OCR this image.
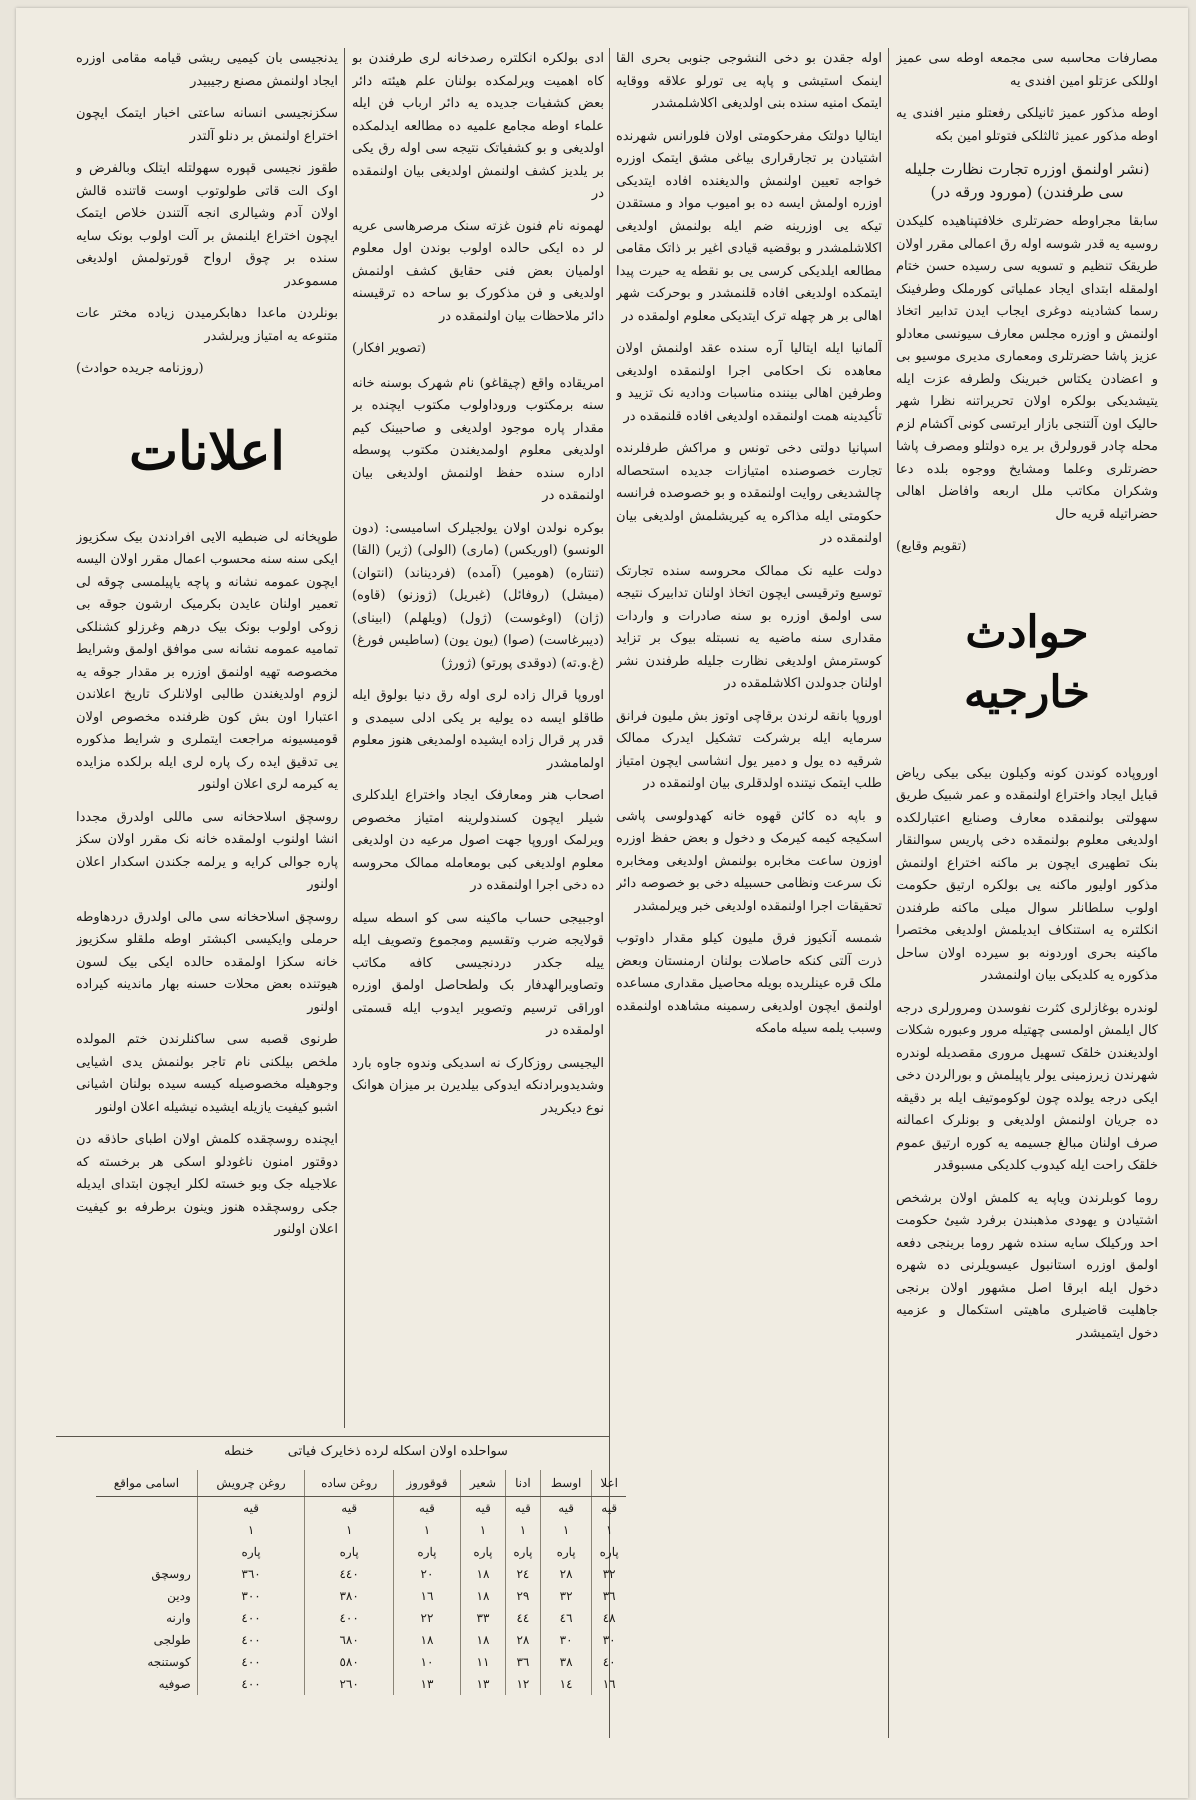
مصارفات محاسبه سی مجمعه اوطه سی عمیز اوللکی عزتلو امین افندی یه

اوطه مذکور عمیز ثانیلکی رفعتلو منیر افندی یه اوطه مذکور عمیز ثالثلکی فتوتلو امین بکه

(نشر اولنمق اوزره تجارت نظارت جلیله سی طرفندن) (مورود ورقه در)

سابقا مجراوطه حضرتلری خلافتپناهیده کلیکدن روسیه یه قدر شوسه اوله رق اعمالی مقرر اولان طریقک تنظیم و تسویه سی رسیده حسن ختام اولمقله ابتدای ایجاد عملیاتی کورملک وطرفینک رسما کشادینه دوغری ایجاب ایدن تدابیر اتخاذ اولنمش و اوزره مجلس معارف سیونسی معادلو عزیز پاشا حضرتلری ومعماری مدیری موسیو بی و اعضادن یکتاس خبرینک ولطرفه عزت ایله یتیشدیکی بولکره اولان تحریراتنه نظرا شهر حالیک اون آلتنجی بازار ایرتسی کونی آکشام لزم محله چادر قورولرق بر یره دولتلو ومصرف پاشا حضرتلری وعلما ومشایخ ووجوه بلده دعا وشکران مکاتب ملل اربعه وافاضل اهالی حضراتیله قریه حال

(تقویم وقایع)

حوادث خارجیه

اوروپاده کوندن کونه وکیلون بیکی بیکی ریاض قبایل ایجاد واختراع اولنمقده و عمر شبیک طریق سهولتی بولنمقده معارف وصنایع اعتبارلکده اولدیغی معلوم بولنمقده دخی پاریس سوالنقار بنک تطهیری ایچون بر ماکنه اختراع اولنمش مذکور اولیور ماکنه یی بولکره ارتیق حکومت اولوب سلطانلر سوال میلی ماکنه طرفندن انکلتره یه استنکاف ایدیلمش اولدیغی مختصرا ماکینه بحری اوردونه بو سیرده اولان ساحل مذکوره یه کلدیکی بیان اولنمشدر

لوندره بوغازلری کثرت نفوسدن ومرورلری درجه کال ایلمش اولمسی چهتیله مرور وعبوره شکلات اولدیغندن خلقک تسهیل مروری مقصدیله لوندره شهرندن زیرزمینی یولر یاپیلمش و بورالردن دخی ایکی درجه یولده چون لوکوموتیف ایله بر دقیقه ده جریان اولنمش اولدیغی و بونلرک اعمالنه صرف اولنان مبالغ جسیمه یه کوره ارتیق عموم خلقک راحت ایله کیدوب کلدیکی مسبوقدر

روما کوبلرندن ویاپه یه کلمش اولان برشخص اشتیادن و یهودی مذهبندن برفرد شیئ حکومت احد ورکیلک سایه سنده شهر روما برینجی دفعه اولمق اوزره استانبول عیسویلرنی ده شهره دخول ایله ابرقا اصل مشهور اولان برنجی جاهلیت قاضیلری ماهیتی استکمال و عزمیه دخول ایتمیشدر

اوله جقدن بو دخی النشوجی جنوبی بحری القا اینمک استیشی و پاپه یی تورلو علاقه ووقایه ایتمک امنیه سنده بنی اولدیغی اکلاشلمشدر

ایتالیا دولتک مفرحکومتی اولان فلورانس شهرنده اشتیادن بر تجارقراری بیاغی مشق ایتمک اوزره خواجه تعیین اولنمش والدیغنده افاده ایتدیکی اوزره اولمش ایسه ده بو امیوب مواد و مستقدن تیکه یی اوزرینه ضم ایله بولنمش اولدیغی اکلاشلمشدر و بوقضیه قیادی اغیر بر ذاتک مقامی مطالعه ایلدیکی کرسی یی بو نقطه یه حیرت پیدا ایتمکده اولدیغی افاده قلنمشدر و بوحرکت شهر اهالی بر هر چهله ترک ایتدیکی معلوم اولمقده در

آلمانیا ایله ایتالیا آره سنده عقد اولنمش اولان معاهده نک احکامی اجرا اولنمقده اولدیغی وطرفین اهالی بیننده مناسبات ودادیه نک تزیید و تأکیدینه همت اولنمقده اولدیغی افاده قلنمقده در

اسپانیا دولتی دخی تونس و مراکش طرفلرنده تجارت خصوصنده امتیازات جدیده استحصاله چالشدیغی روایت اولنمقده و بو خصوصده فرانسه حکومتی ایله مذاکره یه کیریشلمش اولدیغی بیان اولنمقده در

دولت علیه نک ممالک محروسه سنده تجارتک توسیع وترقیسی ایچون اتخاذ اولنان تدابیرک نتیجه سی اولمق اوزره بو سنه صادرات و واردات مقداری سنه ماضیه یه نسبتله بیوک بر تزاید کوسترمش اولدیغی نظارت جلیله طرفندن نشر اولنان جدولدن اکلاشلمقده در

اوروپا بانقه لرندن برقاچی اوتوز بش ملیون فرانق سرمایه ایله برشرکت تشکیل ایدرک ممالک شرقیه ده یول و دمیر یول انشاسی ایچون امتیاز طلب ایتمک نیتنده اولدقلری بیان اولنمقده در

و باپه ده کائن قهوه خانه کهدولوسی پاشی اسکیجه کیمه کیرمک و دخول و بعض حفظ اوزره اوزون ساعت مخابره بولنمش اولدیغی ومخابره نک سرعت ونظامی حسبیله دخی بو خصوصه دائر تحقیقات اجرا اولنمقده اولدیغی خبر ویرلمشدر

شمسه آنکیوز فرق ملیون کیلو مقدار داوتوب ذرت آلتی کنکه حاصلات بولنان ارمنستان وبعض ملک قره عینلریده بویله محاصیل مقداری مساعده اولنمق ایچون اولدیغی رسمینه مشاهده اولنمقده وسبب یلمه سیله مامکه

ادی بولکره انکلتره رصدخانه لری طرفندن بو کاه اهمیت ویرلمکده بولنان علم هیئته دائر بعض کشفیات جدیده یه دائر ارباب فن ایله علماء اوطه مجامع علمیه ده مطالعه ایدلمکده اولدیغی و بو کشفیاتک نتیجه سی اوله رق یکی بر یلدیز کشف اولنمش اولدیغی بیان اولنمقده در

لهمونه نام فنون غزته سنک مرصرهاسی عریه لر ده ایکی حالده اولوب بوندن اول معلوم اولمیان بعض فنی حقایق کشف اولنمش اولدیغی و فن مذکورک بو ساحه ده ترقیسنه دائر ملاحظات بیان اولنمقده در

(تصویر افکار)

امریقاده واقع (چیقاغو) نام شهرک بوسنه خانه سنه برمکتوب وروداولوب مکتوب ایچنده بر مقدار پاره موجود اولدیغی و صاحبینک کیم اولدیغی معلوم اولمدیغندن مکتوب پوسطه اداره سنده حفظ اولنمش اولدیغی بیان اولنمقده در

بوکره نولدن اولان یولجیلرک اسامیسی: (دون الونسو) (اوریکس) (ماری) (الولی) (ژیر) (القا) (تنتاره) (هومیر) (آمده) (فردیناند) (انتوان) (میشل) (روفائل) (غبریل) (ژوزنو) (قاوه) (ژان) (اوغوست) (ژول) (ویلهلم) (ابینای) (دیبرغاست) (صوا) (یون یون) (ساطیس فورغ) (غ.و.ته) (دوقدی پورتو) (ژورژ)

اوروپا قرال زاده لری اوله رق دنیا بولوق ایله طاقلو ایسه ده یولیه بر یکی ادلی سیمدی و قدر پر قرال زاده ایشیده اولمدیغی هنوز معلوم اولمامشدر

اصحاب هنر ومعارفک ایجاد واختراع ایلدکلری شیلر ایچون کسندولرینه امتیاز مخصوص ویرلمک اوروپا جهت اصول مرعیه دن اولدیغی معلوم اولدیغی کبی بومعامله ممالک محروسه ده دخی اجرا اولنمقده در

اوجبیجی حساب ماکینه سی کو اسطه سیله قولایجه ضرب وتقسیم ومجموع وتصویف ایله ییله جکدر دردنجیسی کافه مکاتب وتصاویرالهدفار بک ولطحاصل اولمق اوزره اوراقی ترسیم وتصویر ایدوب ایله قسمتی اولمقده در

الیجیسی روزکارک نه اسدیکی وندوه جاوه بارد وشدیدوبرادنکه ایدوکی بیلدیرن بر میزان هوانک نوع دیکریدر

یدنجیسی بان کیمیی ریشی قیامه مقامی اوزره ایجاد اولنمش مصنع رجیبیدر

سکزنجیسی انسانه ساعتی اخبار ایتمک ایچون اختراع اولنمش بر دنلو آلتدر

طقوز نجیسی قپوره سهولتله ایتلک وبالفرض و اوک الت قاتی طولوتوب اوست قاتنده قالش اولان آدم وشیالری انجه آلتندن خلاص ایتمک ایچون اختراع ایلنمش بر آلت اولوب بونک سایه سنده بر چوق ارواح قورتولمش اولدیغی مسموعدر

بونلردن ماعدا دهابکرمیدن زیاده مختر عات متنوعه یه امتیاز ویرلشدر

(روزنامه جریده حوادث)

اعلانات

طوپخانه لی ضبطیه الایی افرادندن بیک سکزیوز ایکی سنه سنه محسوب اعمال مقرر اولان الیسه ایچون عمومه نشانه و پاچه یاپیلمسی چوقه لی تعمیر اولنان عایدن بکرمیک ارشون جوقه بی زوکی اولوب بونک بیک درهم وغرزلو کشنلکی تمامیه عمومه نشانه سی موافق اولمق وشرایط مخصوصه تهیه اولنمق اوزره بر مقدار جوقه یه لزوم اولدیغندن طالبی اولانلرک تاریخ اعلاندن اعتبارا اون بش کون ظرفنده مخصوص اولان قومیسیونه مراجعت ایتملری و شرایط مذکوره یی تدقیق ایده رک پاره لری ایله برلکده مزایده یه کیرمه لری اعلان اولنور

روسچق اسلاحخانه سی ماللی اولدرق مجددا انشا اولنوب اولمقده خانه نک مقرر اولان سکز پاره جوالی کرایه و یرلمه جکندن اسکدار اعلان اولنور

روسچق اسلاحخانه سی مالی اولدرق دردهاوطه حرملی وایکیسی اکبشتر اوطه ملقلو سکزیوز خانه سکزا اولمقده حالده ایکی بیک لسون هیوتنده بعض محلات حسنه بهار ماندینه کیراده اولنور

طرنوی قصبه سی ساکنلرندن ختم المولده ملخص بیلکنی نام تاجر بولنمش یدی اشیایی وجوهیله مخصوصیله کیسه سیده بولنان اشیانی اشبو کیفیت یازیله ایشیده نیشیله اعلان اولنور

ایچنده روسچقده کلمش اولان اطبای حاذقه دن دوقتور امنون ناغودلو اسکی هر برخسته که علاجیله جک وبو خسته لکلر ایچون ابتدای ایدیله جکی روسچقده هنوز وینون برطرفه بو کیفیت اعلان اولنور

سواحلده اولان اسکله لرده ذخایرک فیاتی خنطه
اعلا	اوسط	ادنا	شعیر	قوقوروز	روغن ساده	روغن چرویش	اسامی مواقع
قیه	قیه	قیه	قیه	قیه	قیه	قیه	
١	١	١	١	١	١	١	
پاره	پاره	پاره	پاره	پاره	پاره	پاره	
٣٢	٢٨	٢٤	١٨	٢٠	٤٤٠	٣٦٠	روسچق
٣٦	٣٢	٢٩	١٨	١٦	٣٨٠	٣٠٠	ودین
٤٨	٤٦	٤٤	٣٣	٢٢	٤٠٠	٤٠٠	وارنه
٣٠	٣٠	٢٨	١٨	١٨	٦٨٠	٤٠٠	طولجی
٤٠	٣٨	٣٦	١١	١٠	٥٨٠	٤٠٠	کوستنجه
١٦	١٤	١٢	١٣	١٣	٢٦٠	٤٠٠	صوفیه
